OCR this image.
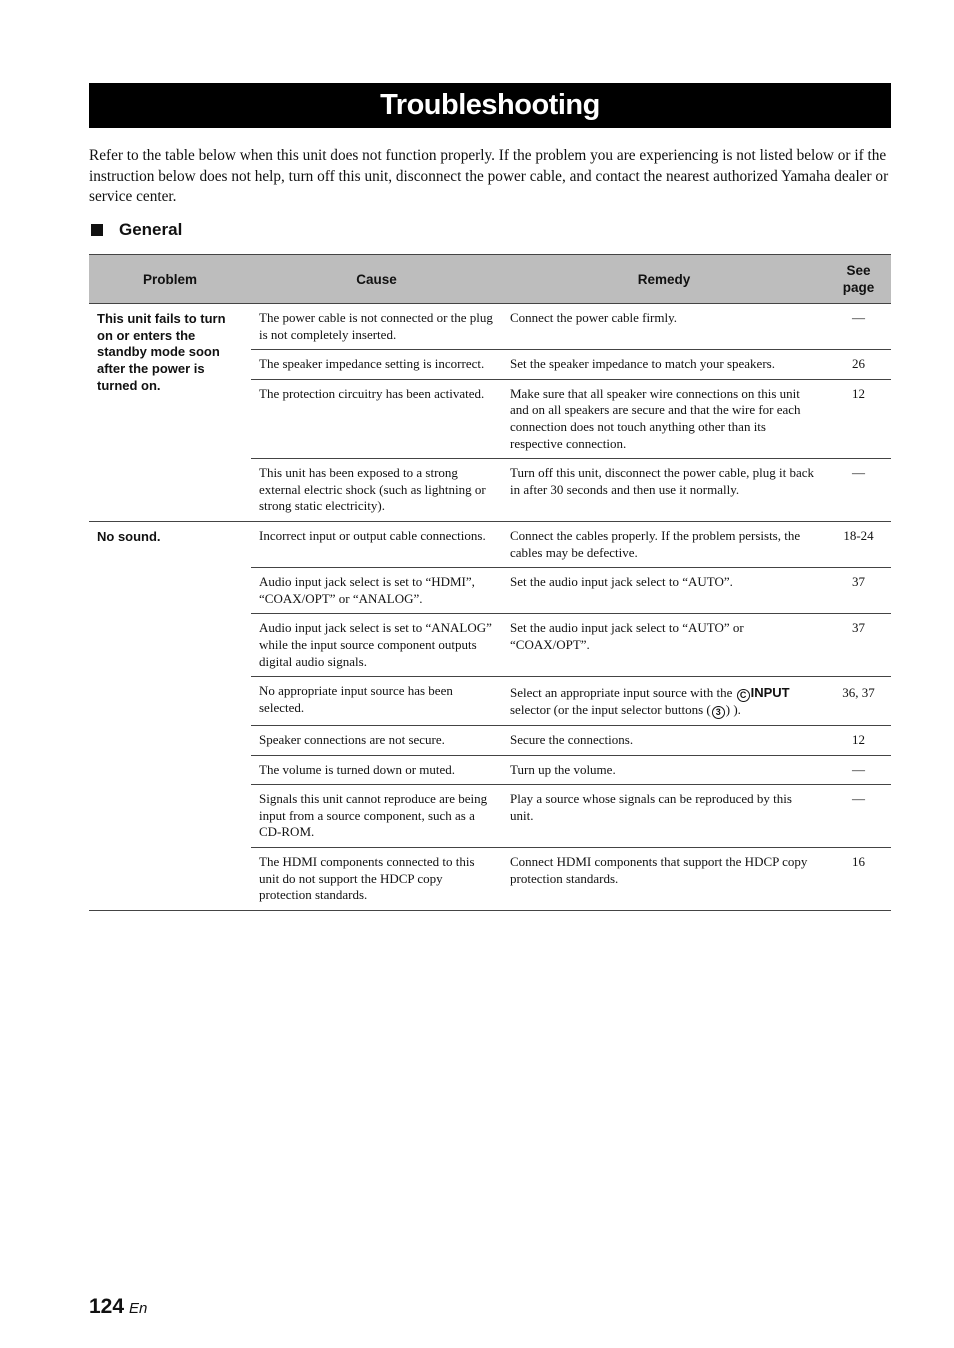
Troubleshooting
Refer to the table below when this unit does not function properly. If the problem you are experiencing is not listed below or if the instruction below does not help, turn off this unit, disconnect the power cable, and contact the nearest authorized Yamaha dealer or service center.
General
Problem	Cause	Remedy	See page
This unit fails to turn on or enters the standby mode soon after the power is turned on.	The power cable is not connected or the plug is not completely inserted.	Connect the power cable firmly.	—
	The speaker impedance setting is incorrect.	Set the speaker impedance to match your speakers.	26
	The protection circuitry has been activated.	Make sure that all speaker wire connections on this unit and on all speakers are secure and that the wire for each connection does not touch anything other than its respective connection.	12
	This unit has been exposed to a strong external electric shock (such as lightning or strong static electricity).	Turn off this unit, disconnect the power cable, plug it back in after 30 seconds and then use it normally.	—
No sound.	Incorrect input or output cable connections.	Connect the cables properly. If the problem persists, the cables may be defective.	18-24
	Audio input jack select is set to “HDMI”, “COAX/OPT” or “ANALOG”.	Set the audio input jack select to “AUTO”.	37
	Audio input jack select is set to “ANALOG” while the input source component outputs digital audio signals.	Set the audio input jack select to “AUTO” or “COAX/OPT”.	37
	No appropriate input source has been selected.	Select an appropriate input source with the C INPUT selector (or the input selector buttons ( 3 ) ).	36, 37
	Speaker connections are not secure.	Secure the connections.	12
	The volume is turned down or muted.	Turn up the volume.	—
	Signals this unit cannot reproduce are being input from a source component, such as a CD-ROM.	Play a source whose signals can be reproduced by this unit.	—
	The HDMI components connected to this unit do not support the HDCP copy protection standards.	Connect HDMI components that support the HDCP copy protection standards.	16
124 En
